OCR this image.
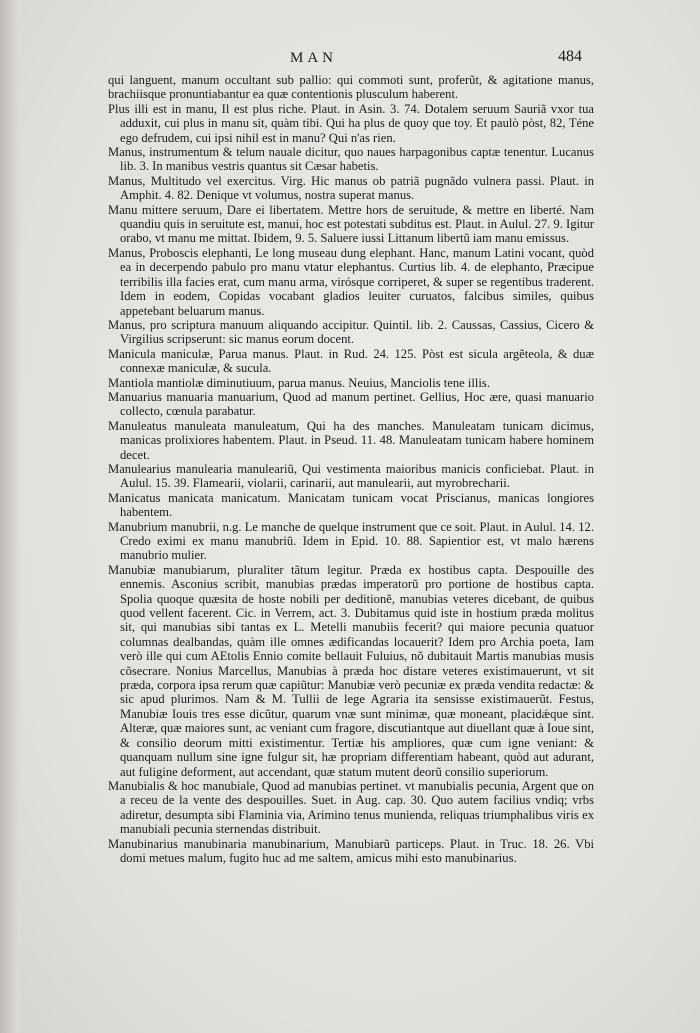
MAN	484

qui languent, manum occultant sub pallio: qui commoti sunt, proferũt, & agitatione manus, brachiisque pronuntiabantur ea quæ contentionis plusculum haberent.

Plus illi est in manu, Il est plus riche. Plaut. in Asin. 3. 74. Dotalem seruum Sauriã vxor tua adduxit, cui plus in manu sit, quàm tibi. Qui ha plus de quoy que toy. Et paulò pòst, 82, Téne ego defrudem, cui ipsi nihil est in manu? Qui n'as rien.

Manus, instrumentum & telum nauale dicitur, quo naues harpagonibus captæ tenentur. Lucanus lib. 3. In manibus vestris quantus sit Cæsar habetis.

Manus, Multitudo vel exercitus. Virg. Hic manus ob patriã pugnãdo vulnera passi. Plaut. in Amphit. 4. 82. Denique vt volumus, nostra superat manus.

Manu mittere seruum, Dare ei libertatem. Mettre hors de seruitude, & mettre en liberté. Nam quandiu quis in seruitute est, manui, hoc est potestati subditus est. Plaut. in Aulul. 27. 9. Igitur orabo, vt manu me mittat. Ibidem, 9. 5. Saluere iussi Littanum libertũ iam manu emissus.

Manus, Proboscis elephanti, Le long museau dung elephant. Hanc, manum Latini vocant, quòd ea in decerpendo pabulo pro manu vtatur elephantus. Curtius lib. 4. de elephanto, Præcipue terribilis illa facies erat, cum manu arma, virósque corriperet, & super se regentibus traderent. Idem in eodem, Copidas vocabant gladios leuiter curuatos, falcibus similes, quibus appetebant beluarum manus.

Manus, pro scriptura manuum aliquando accipitur. Quintil. lib. 2. Caussas, Cassius, Cicero & Virgilius scripserunt: sic manus eorum docent.

Manicula maniculæ, Parua manus. Plaut. in Rud. 24. 125. Pòst est sicula argẽteola, & duæ connexæ maniculæ, & sucula.

Mantiola mantiolæ diminutiuum, parua manus. Neuius, Manciolis tene illis.

Manuarius manuaria manuarium, Quod ad manum pertinet. Gellius, Hoc ære, quasi manuario collecto, cœnula parabatur.

Manuleatus manuleata manuleatum, Qui ha des manches. Manuleatam tunicam dicimus, manicas prolixiores habentem. Plaut. in Pseud. 11. 48. Manuleatam tunicam habere hominem decet.

Manulearius manulearia manuleariũ, Qui vestimenta maioribus manicis conficiebat. Plaut. in Aulul. 15. 39. Flamearii, violarii, carinarii, aut manulearii, aut myrobrecharii.

Manicatus manicata manicatum. Manicatam tunicam vocat Priscianus, manicas longiores habentem.

Manubrium manubrii, n.g. Le manche de quelque instrument que ce soit. Plaut. in Aulul. 14. 12. Credo eximi ex manu manubriũ. Idem in Epid. 10. 88. Sapientior est, vt malo hærens manubrio mulier.

Manubiæ manubiarum, pluraliter tãtum legitur. Præda ex hostibus capta. Despouille des ennemis. Asconius scribit, manubias prædas imperatorũ pro portione de hostibus capta. Spolia quoque quæsita de hoste nobili per deditionẽ, manubias veteres dicebant, de quibus quod vellent facerent. Cic. in Verrem, act. 3. Dubitamus quid iste in hostium præda molitus sit, qui manubias sibi tantas ex L. Metelli manubiis fecerit? qui maiore pecunia quatuor columnas dealbandas, quàm ille omnes ædificandas locauerit? Idem pro Archia poeta, Iam verò ille qui cum AEtolis Ennio comite bellauit Fuluius, nõ dubitauit Martis manubias musis cõsecrare. Nonius Marcellus, Manubias à præda hoc distare veteres existimauerunt, vt sit præda, corpora ipsa rerum quæ capiũtur: Manubiæ verò pecuniæ ex præda vendita redactæ: & sic apud plurimos. Nam & M. Tullii de lege Agraria ita sensisse existimauerũt. Festus, Manubiæ Iouis tres esse dicũtur, quarum vnæ sunt minimæ, quæ moneant, placidǽque sint. Alteræ, quæ maiores sunt, ac veniant cum fragore, discutiantque aut diuellant quæ à Ioue sint, & consilio deorum mitti existimentur. Tertiæ his ampliores, quæ cum igne veniant: & quanquam nullum sine igne fulgur sit, hæ propriam differentiam habeant, quòd aut adurant, aut fuligine deforment, aut accendant, quæ statum mutent deorũ consilio superiorum.

Manubialis & hoc manubiale, Quod ad manubias pertinet. vt manubialis pecunia, Argent que on a receu de la vente des despouilles. Suet. in Aug. cap. 30. Quo autem facilius vndiq; vrbs adiretur, desumpta sibi Flaminia via, Arimino tenus munienda, reliquas triumphalibus viris ex manubiali pecunia sternendas distribuit.

Manubinarius manubinaria manubinarium, Manubiarũ particeps. Plaut. in Truc. 18. 26. Vbi domi metues malum, fugito huc ad me saltem, amicus mihi esto manubinarius.
